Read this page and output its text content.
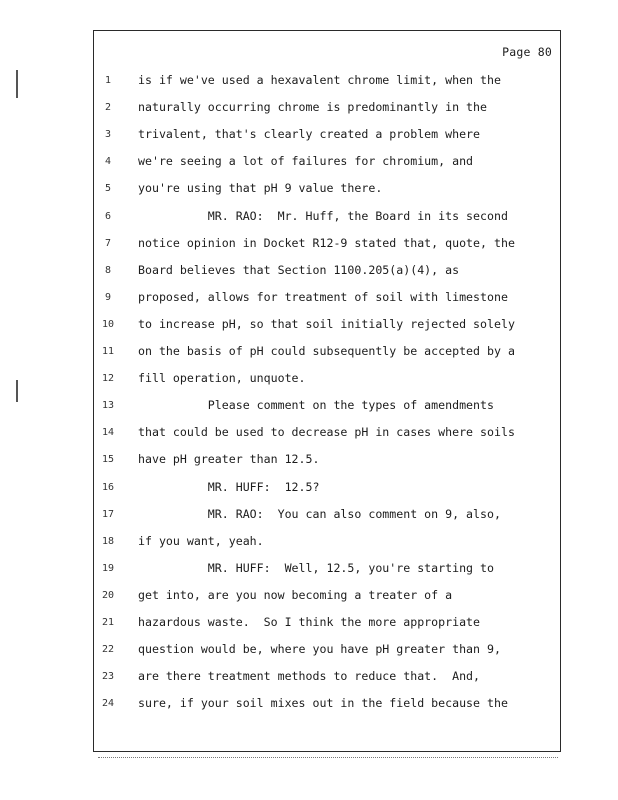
Page 80
1	is if we've used a hexavalent chrome limit, when the
2	naturally occurring chrome is predominantly in the
3	trivalent, that's clearly created a problem where
4	we're seeing a lot of failures for chromium, and
5	you're using that pH 9 value there.
6	MR. RAO:  Mr. Huff, the Board in its second
7	notice opinion in Docket R12-9 stated that, quote, the
8	Board believes that Section 1100.205(a)(4), as
9	proposed, allows for treatment of soil with limestone
10	to increase pH, so that soil initially rejected solely
11	on the basis of pH could subsequently be accepted by a
12	fill operation, unquote.
13	Please comment on the types of amendments
14	that could be used to decrease pH in cases where soils
15	have pH greater than 12.5.
16	MR. HUFF:  12.5?
17	MR. RAO:  You can also comment on 9, also,
18	if you want, yeah.
19	MR. HUFF:  Well, 12.5, you're starting to
20	get into, are you now becoming a treater of a
21	hazardous waste.  So I think the more appropriate
22	question would be, where you have pH greater than 9,
23	are there treatment methods to reduce that.  And,
24	sure, if your soil mixes out in the field because the
